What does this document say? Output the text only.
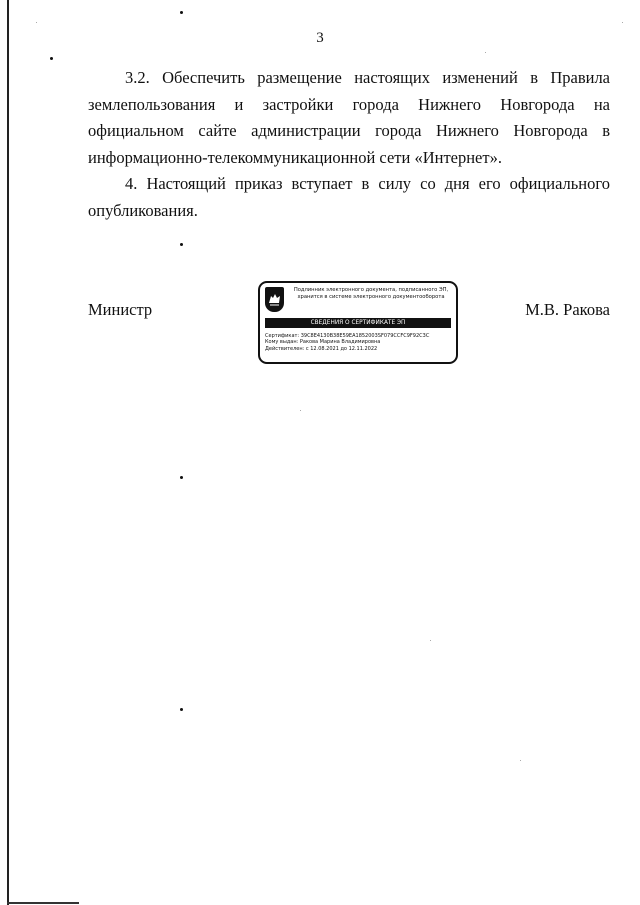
3

3.2. Обеспечить размещение настоящих изменений в Правила землепользования и застройки города Нижнего Новгорода на официальном сайте администрации города Нижнего Новгорода в информационно-телекоммуникационной сети «Интернет».

4. Настоящий приказ вступает в силу со дня его официального опубликования.

Министр	М.В. Ракова
Подлинник электронного документа, подписанного ЭП, хранится в системе электронного документооборота
СВЕДЕНИЯ О СЕРТИФИКАТЕ ЭП
Сертификат: 39C8E4130B38E59EA1852003SF079CCFC9F92C3C
Кому выдан: Ракова Марина Владимировна
Действителен: с 12.08.2021 до 12.11.2022
